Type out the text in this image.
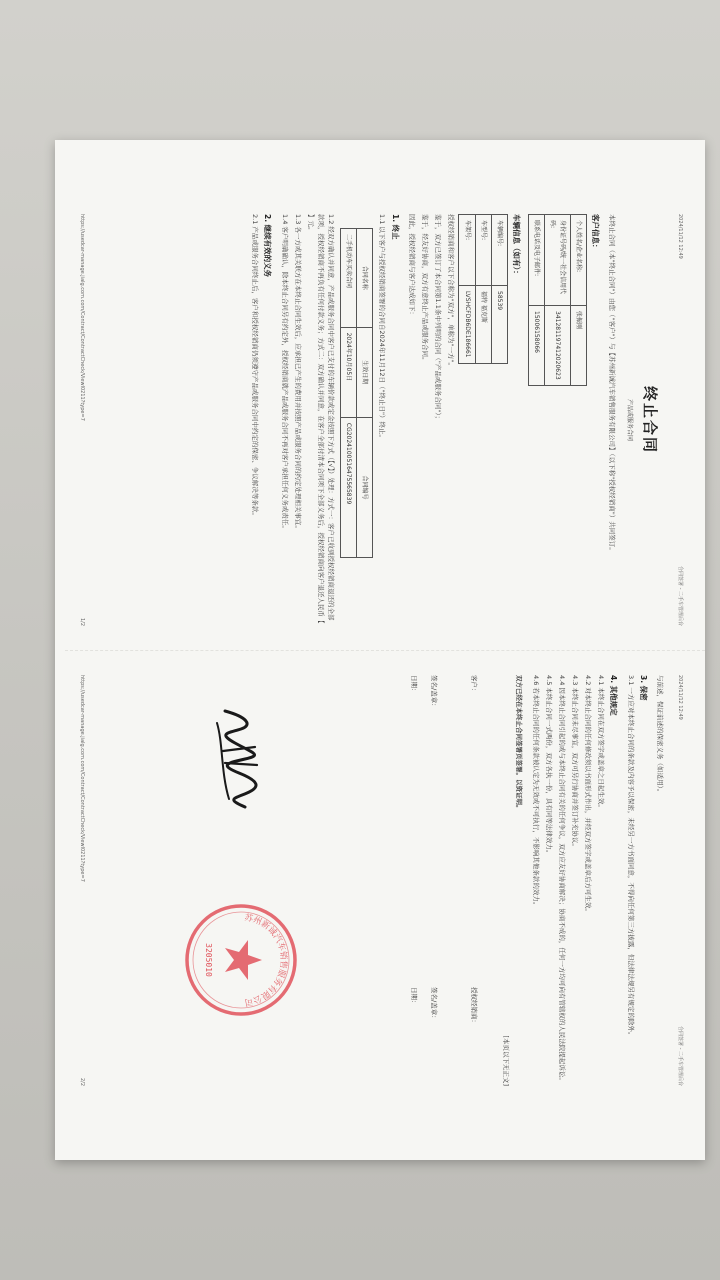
2024/11/12 12:49
合同签署 - 二手车管理后台
终止合同
产品或服务合同
本终止合同（本"终止合同"）由您（"客户"）与【苏州新诚汽车销售服务有限公司】（以下称"授权经销商"）共同签订。
客户信息：
个人姓名/企业名称:	张振刚
身份证号码/统一社会信用代码:	341281197412020623
联系电话及电子邮件:	15006158066
车辆信息（如有）：
车辆编号:	58539
车型号:	福特 福克斯
车架号:	LVSHCFDB6DE186661
授权经销商和客户以下合称为"双方"，单称为"一方"。
鉴于，双方已签订了本合同第1.1条中列明的合同（"产品或服务合同"）；
鉴于，经友好协商，双方有意终止产品或服务合同。
因此，授权经销商与客户达成如下：
1. 终止
1.1 以下客户与授权经销商签署的合同自2024年11月12日（"终止日"）终止。
合同名称	生效日期	合同编号
二手机动车买卖合同	2024年10月05日	CG20241005164755658​39
1.2 经双方确认并同意，产品或服务合同中客户已支付的车辆价款或定金按照下方式（【√】）处理：方式一：客户已收到授权经销商退还的全部款项，授权经销商不再负有任何付款义务；方式二：双方确认并同意，在客户全部付清本合同项下全部义务后，授权经销商向客户退还人民币【 】元。
1.3 各一方或其关联方在本终止合同生效后，应承担已产生的费用并按照产品或服务合同的约定处理相关事宜。
1.4 客户明确确认，除本终止合同另有约定外，授权经销商就产品或服务合同不再对客户承担任何义务或责任。
2. 继续有效的义务
2.1 产品或服务合同终止后，客户和授权经销商仍须遵守产品或服务合同中约定的保密、争议解决等条款。
https://usedcar-manage.jialg.com.com/Contract/ContractCheck/Viewl0211?type=7
1/2
2024/11/12 12:49
合同签署 - 二手车管理后台
与前述，保证前述的保密义务（如适用）。
3. 保密
3.1 一方应对本终止合同的条款及内容予以保密，未经另一方书面同意，不得向任何第三方披露，但法律法规另有规定的除外。
4. 其他规定
4.1 本终止合同在双方签字或盖章之日起生效。
4.2 对本终止合同的任何修改须以书面形式作出，并经双方签字或盖章后方可生效。
4.3 本终止合同未尽事宜，双方可另行协商并签订补充协议。
4.4 因本终止合同引起的或与本终止合同有关的任何争议，双方应友好协商解决；协商不成的，任何一方均可向有管辖权的人民法院提起诉讼。
4.5 本终止合同一式两份，双方各执一份，具有同等法律效力。
4.6 若本终止合同的任何条款被认定为无效或不可执行，不影响其他条款的效力。
双方已经在本终止合同签署页签署。以资证明。
[本页以下无正文]
客户：
签名/盖章：
日期：
授权经销商：
签名/盖章：
日期：
苏州新诚汽车销售服务有限公司
3205010
https://usedcar-manage.jialg.com.com/Contract/ContractCheck/Viewl0211?type=7
2/2
